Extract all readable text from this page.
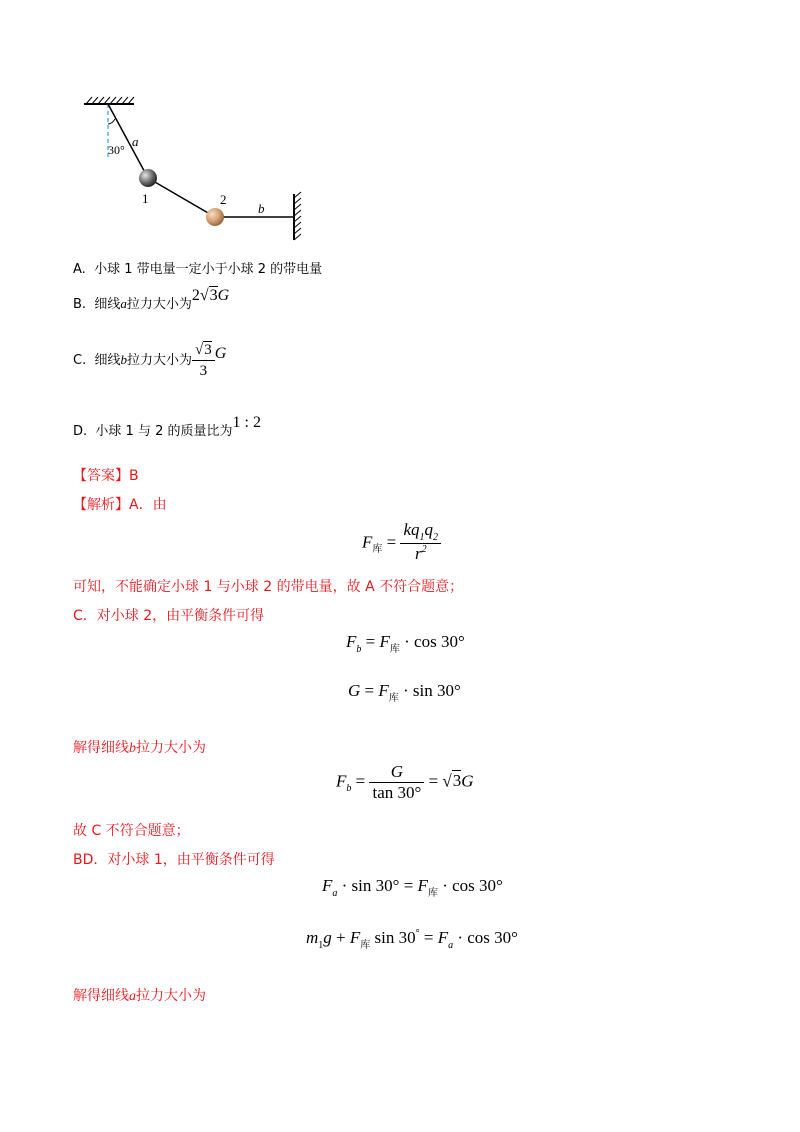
30°
a
b
1	2
A. 小球 1 带电量一定小于小球 2 的带电量
B. 细线a拉力大小为2√3G
C. 细线b拉力大小为 $\frac{√3}{3}$ G
D. 小球 1 与 2 的质量比为1 : 2
【答案】B
【解析】A．由
$F_库 = \frac{kq_1q_2}{r^2}$
可知，不能确定小球 1 与小球 2 的带电量，故 A 不符合题意；
C．对小球 2，由平衡条件可得
$F_b = F_库 \cdot \cos 30^\circ$
$G = F_库 \cdot \sin 30^\circ$
解得细线b拉力大小为
$F_b = \frac{G}{\tan 30^\circ} = √3G$
故 C 不符合题意；
BD．对小球 1，由平衡条件可得
$F_a \cdot \sin 30^\circ = F_库 \cdot \cos 30^\circ$
$m_1g + F_库$ $\sin 30^\circ = F_a \cdot \cos 30^\circ$
解得细线a拉力大小为
